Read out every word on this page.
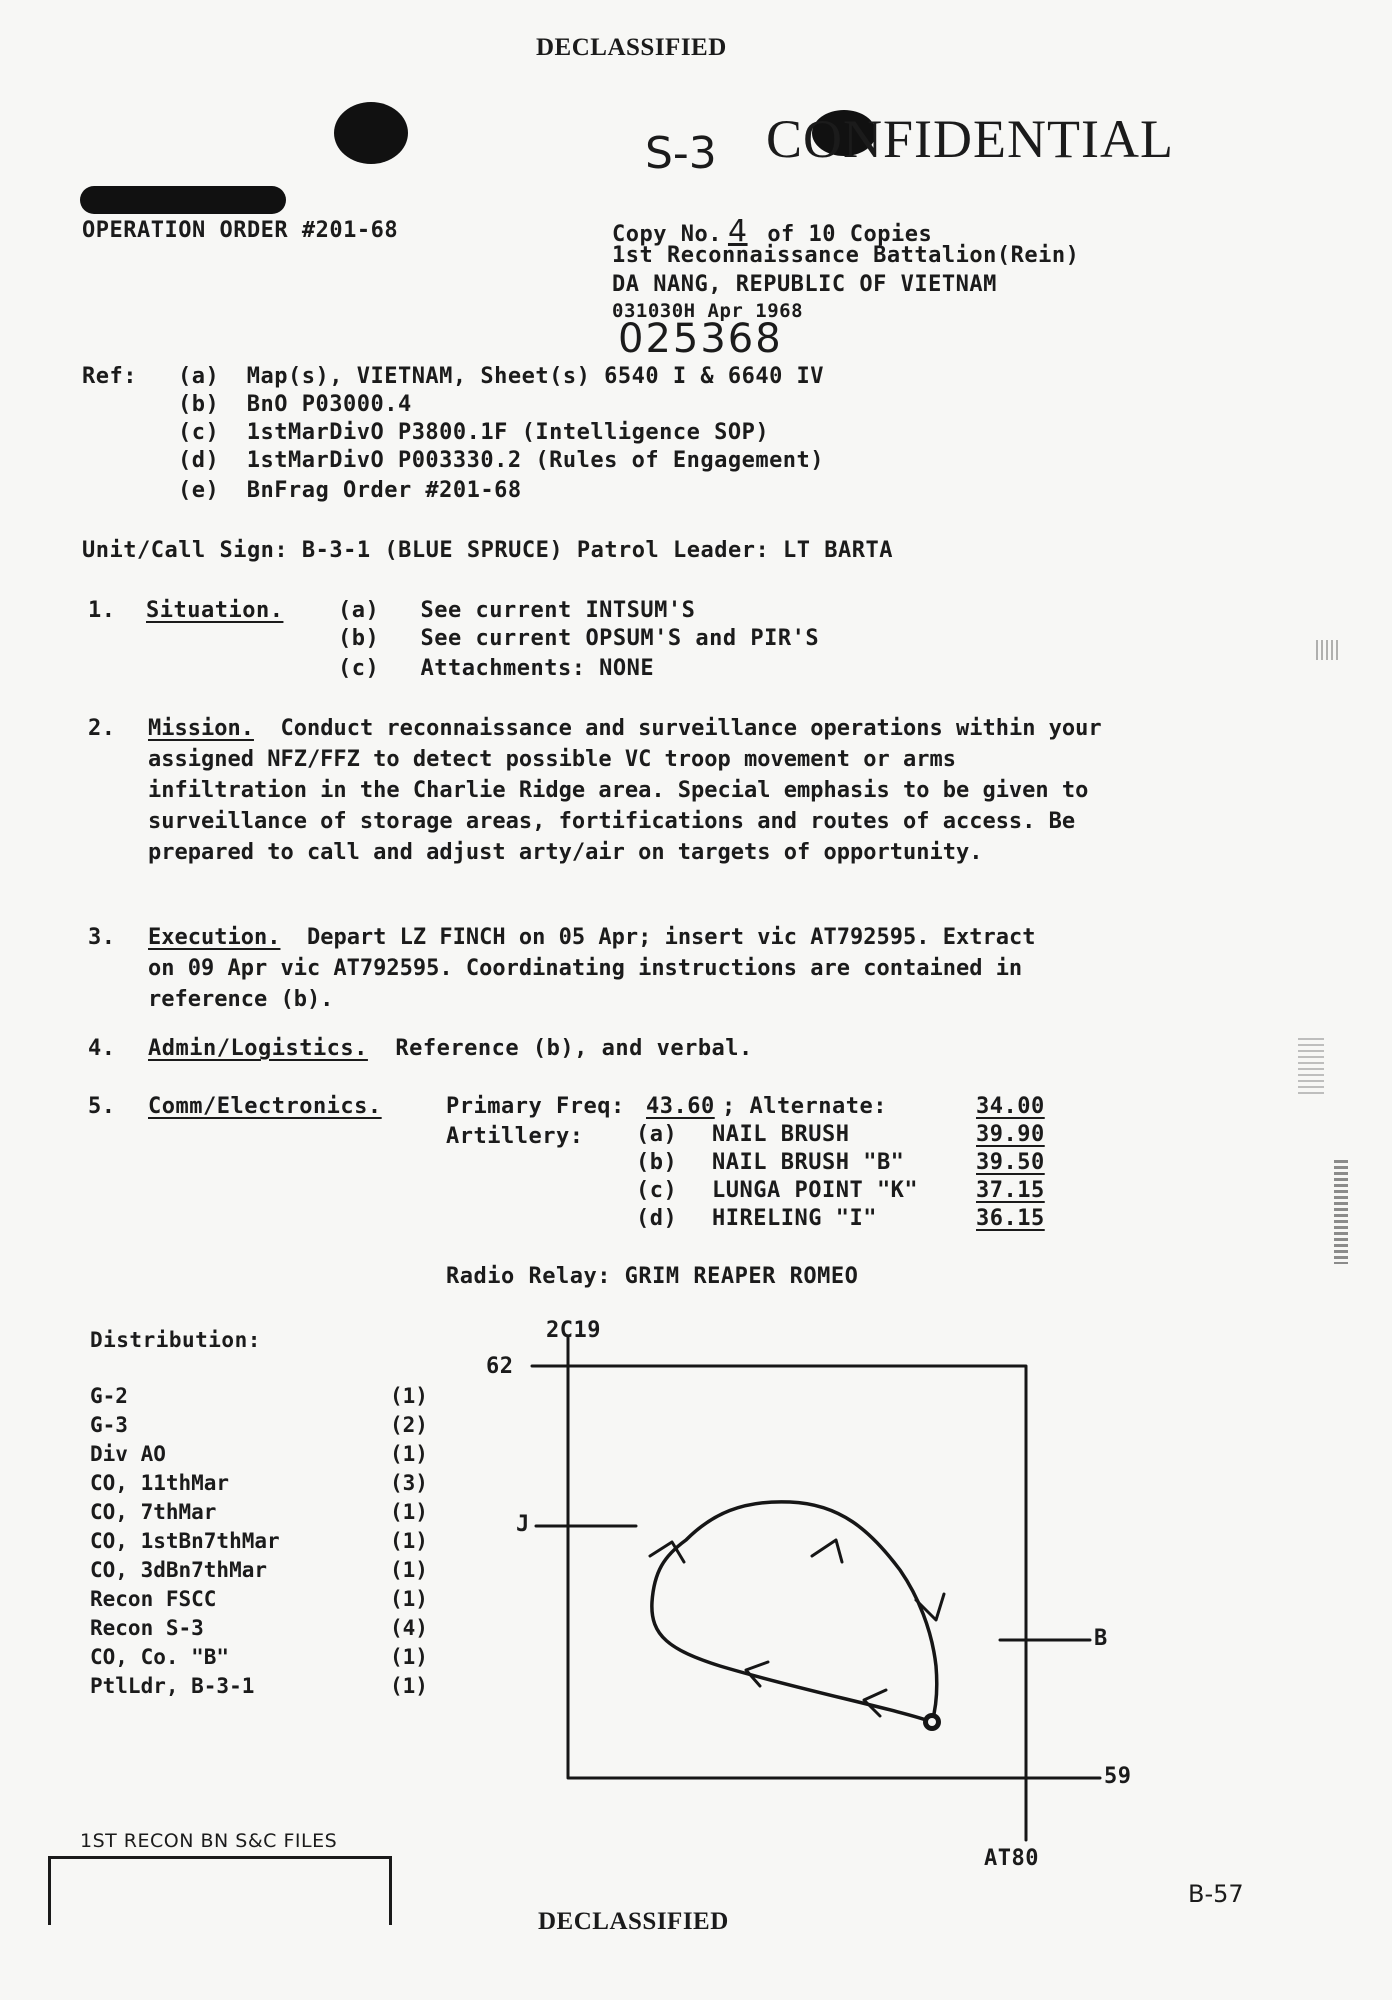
DECLASSIFIED
S-3 CONFIDENTIAL
OPERATION ORDER #201-68	Copy No. 4 of 10 Copies
1st Reconnaissance Battalion(Rein)
DA NANG, REPUBLIC OF VIETNAM
031030H Apr 1968
025368
Ref: (a) Map(s), VIETNAM, Sheet(s) 6540 I & 6640 IV
(b) BnO P03000.4
(c) 1stMarDivO P3800.1F (Intelligence SOP)
(d) 1stMarDivO P003330.2 (Rules of Engagement)
(e) BnFrag Order #201-68
Unit/Call Sign: B-3-1 (BLUE SPRUCE) Patrol Leader: LT BARTA
1. Situation. (a) See current INTSUM'S
(b) See current OPSUM'S and PIR'S
(c) Attachments: NONE
2. Mission. Conduct reconnaissance and surveillance operations within your assigned NFZ/FFZ to detect possible VC troop movement or arms infiltration in the Charlie Ridge area. Special emphasis to be given to surveillance of storage areas, fortifications and routes of access. Be prepared to call and adjust arty/air on targets of opportunity.
3. Execution. Depart LZ FINCH on 05 Apr; insert vic AT792595. Extract on 09 Apr vic AT792595. Coordinating instructions are contained in reference (b).
4. Admin/Logistics. Reference (b), and verbal.
5. Comm/Electronics.	Primary Freq: 43.60 ; Alternate:	34.00
Artillery: (a) NAIL BRUSH	39.90
(b) NAIL BRUSH "B"	39.50
(c) LUNGA POINT "K"	37.15
(d) HIRELING "I"	36.15
Radio Relay: GRIM REAPER ROMEO
Distribution:
G-2	(1)
G-3	(2)
Div AO	(1)
CO, 11thMar	(3)
CO, 7thMar	(1)
CO, 1stBn7thMar	(1)
CO, 3dBn7thMar	(1)
Recon FSCC	(1)
Recon S-3	(4)
CO, Co. "B"	(1)
PtlLdr, B-3-1	(1)
2C19
62
59
AT80
J
B
1ST RECON BN S&C FILES
B-57
DECLASSIFIED
